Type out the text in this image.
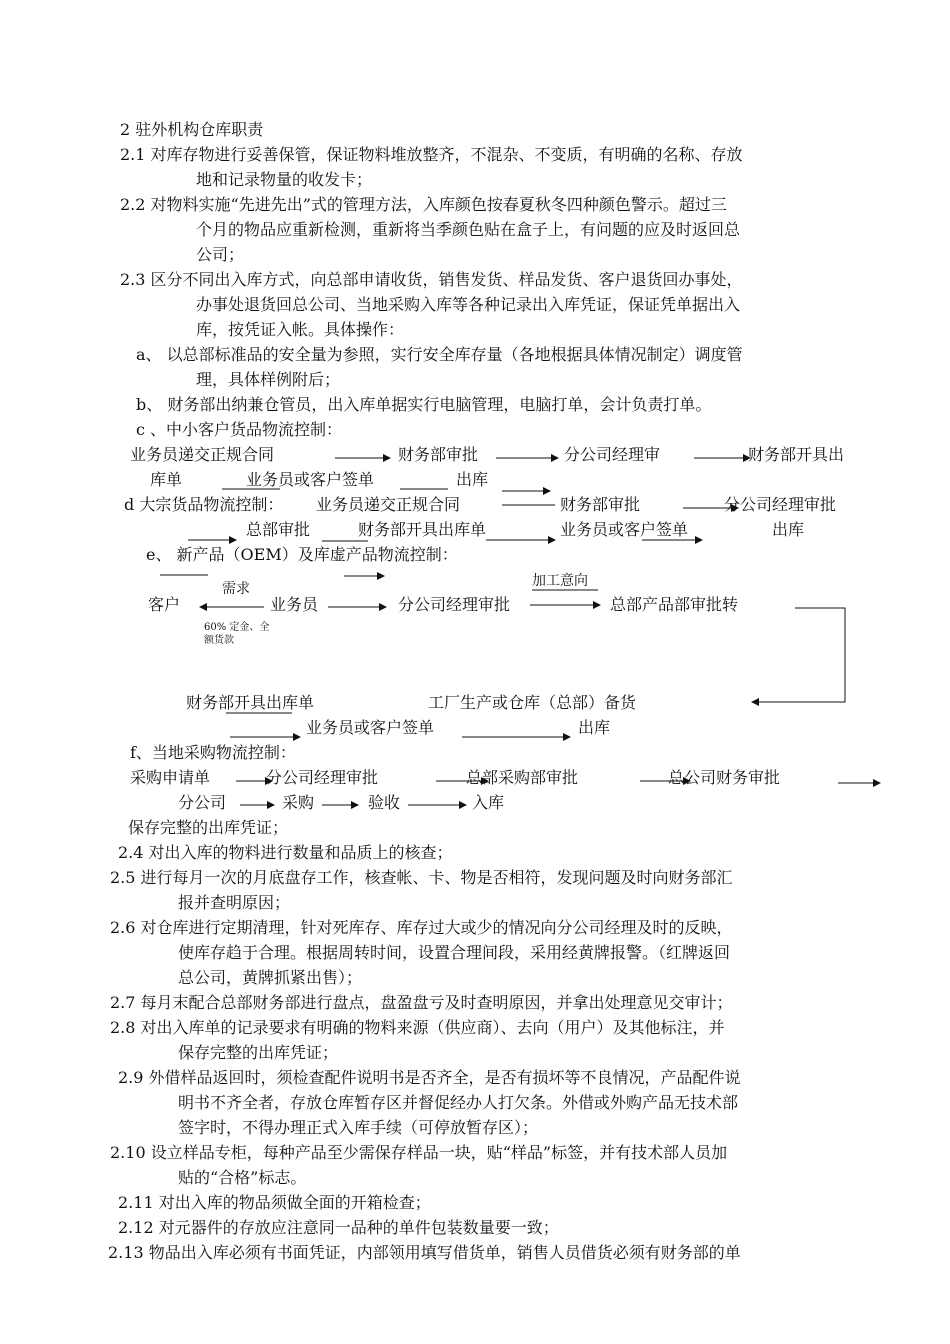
2 驻外机构仓库职责
2.1 对库存物进行妥善保管，保证物料堆放整齐，不混杂、不变质，有明确的名称、存放
地和记录物量的收发卡；
2.2 对物料实施“先进先出”式的管理方法，入库颜色按春夏秋冬四种颜色警示。超过三
个月的物品应重新检测，重新将当季颜色贴在盒子上，有问题的应及时返回总
公司；
2.3 区分不同出入库方式，向总部申请收货，销售发货、样品发货、客户退货回办事处，
办事处退货回总公司、当地采购入库等各种记录出入库凭证，保证凭单据出入
库，按凭证入帐。具体操作：
a、 以总部标准品的安全量为参照，实行安全库存量（各地根据具体情况制定）调度管
理，具体样例附后；
b、 财务部出纳兼仓管员，出入库单据实行电脑管理，电脑打单，会计负责打单。
c 、中小客户货品物流控制：
业务员递交正规合同	财务部审批	分公司经理审	财务部开具出
库单	业务员或客户签单	出库
d 大宗货品物流控制： 业务员递交正规合同	财务部审批	分公司经理审批
总部审批	财务部开具出库单	业务员或客户签单	出库
e、 新产品（OEM）及库虚产品物流控制：
需求	加工意向
客户	业务员	分公司经理审批	总部产品部审批转
60% 定金、全
额货款
财务部开具出库单	工厂生产或仓库（总部）备货
业务员或客户签单	出库
f、当地采购物流控制：
采购申请单	分公司经理审批	总部采购部审批	总公司财务审批
分公司	采购	验收	入库
保存完整的出库凭证；
2.4 对出入库的物料进行数量和品质上的核查；
2.5 进行每月一次的月底盘存工作，核查帐、卡、物是否相符，发现问题及时向财务部汇
报并查明原因；
2.6 对仓库进行定期清理，针对死库存、库存过大或少的情况向分公司经理及时的反映，
使库存趋于合理。根据周转时间，设置合理间段，采用经黄牌报警。（红牌返回
总公司，黄牌抓紧出售）；
2.7 每月末配合总部财务部进行盘点，盘盈盘亏及时查明原因，并拿出处理意见交审计；
2.8 对出入库单的记录要求有明确的物料来源（供应商）、去向（用户）及其他标注，并
保存完整的出库凭证；
2.9 外借样品返回时，须检查配件说明书是否齐全，是否有损坏等不良情况，产品配件说
明书不齐全者，存放仓库暂存区并督促经办人打欠条。外借或外购产品无技术部
签字时，不得办理正式入库手续（可停放暂存区）；
2.10 设立样品专柜，每种产品至少需保存样品一块，贴“样品”标签，并有技术部人员加
贴的“合格”标志。
2.11 对出入库的物品须做全面的开箱检查；
2.12 对元器件的存放应注意同一品种的单件包装数量要一致；
2.13 物品出入库必须有书面凭证，内部领用填写借货单，销售人员借货必须有财务部的单
